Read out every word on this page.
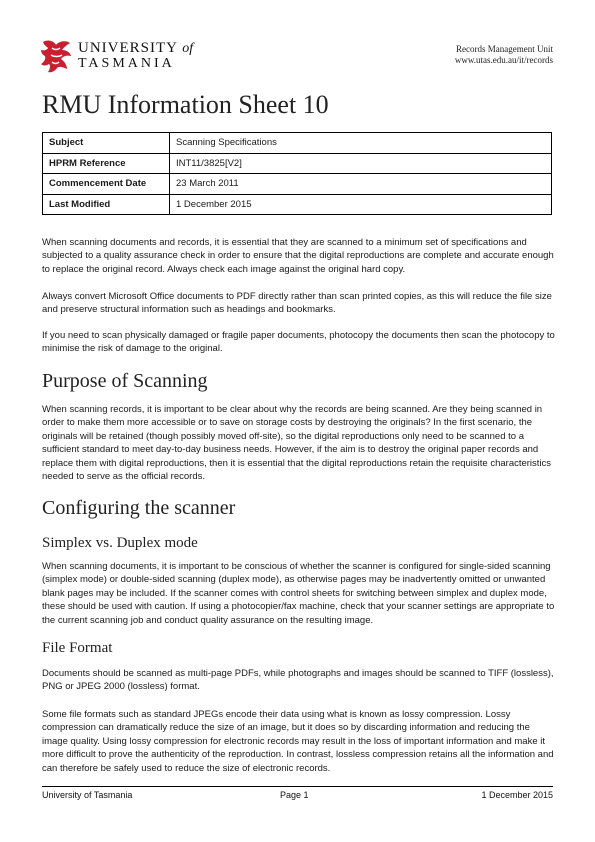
UNIVERSITY of
TASMANIA
Records Management Unit
www.utas.edu.au/it/records
RMU Information Sheet 10
Subject	Scanning Specifications
HPRM Reference	INT11/3825[V2]
Commencement Date	23 March 2011
Last Modified	1 December 2015

When scanning documents and records, it is essential that they are scanned to a minimum set of specifications and subjected to a quality assurance check in order to ensure that the digital reproductions are complete and accurate enough to replace the original record. Always check each image against the original hard copy.

Always convert Microsoft Office documents to PDF directly rather than scan printed copies, as this will reduce the file size and preserve structural information such as headings and bookmarks.

If you need to scan physically damaged or fragile paper documents, photocopy the documents then scan the photocopy to minimise the risk of damage to the original.

Purpose of Scanning

When scanning records, it is important to be clear about why the records are being scanned. Are they being scanned in order to make them more accessible or to save on storage costs by destroying the originals? In the first scenario, the originals will be retained (though possibly moved off-site), so the digital reproductions only need to be scanned to a sufficient standard to meet day-to-day business needs. However, if the aim is to destroy the original paper records and replace them with digital reproductions, then it is essential that the digital reproductions retain the requisite characteristics needed to serve as the official records.

Configuring the scanner
Simplex vs. Duplex mode

When scanning documents, it is important to be conscious of whether the scanner is configured for single-sided scanning (simplex mode) or double-sided scanning (duplex mode), as otherwise pages may be inadvertently omitted or unwanted blank pages may be included. If the scanner comes with control sheets for switching between simplex and duplex mode, these should be used with caution. If using a photocopier/fax machine, check that your scanner settings are appropriate to the current scanning job and conduct quality assurance on the resulting image.

File Format

Documents should be scanned as multi-page PDFs, while photographs and images should be scanned to TIFF (lossless), PNG or JPEG 2000 (lossless) format.

Some file formats such as standard JPEGs encode their data using what is known as lossy compression. Lossy compression can dramatically reduce the size of an image, but it does so by discarding information and reducing the image quality. Using lossy compression for electronic records may result in the loss of important information and make it more difficult to prove the authenticity of the reproduction. In contrast, lossless compression retains all the information and can therefore be safely used to reduce the size of electronic records.

University of Tasmania	Page 1	1 December 2015
